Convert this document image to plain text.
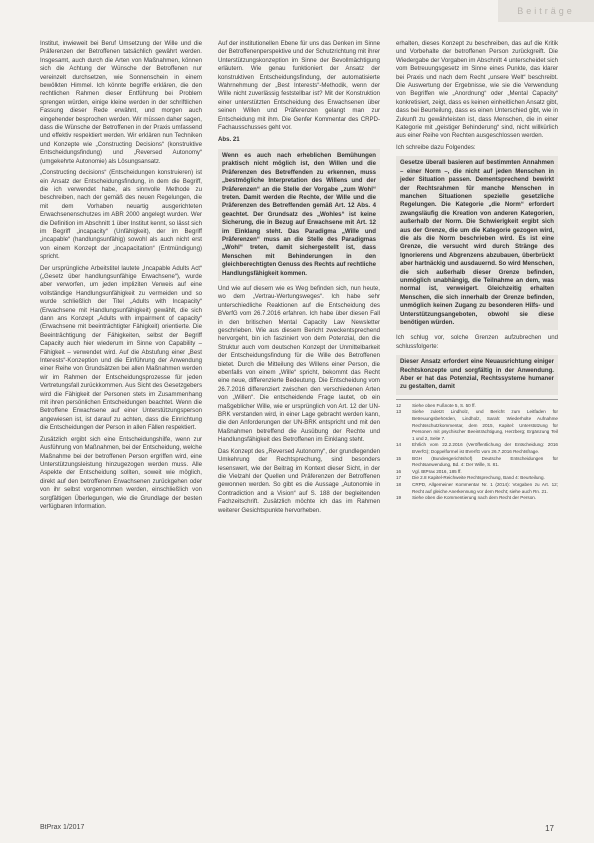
Beiträge

Institut, inwieweit bei Beruf Umsetzung der Wille und die Präferenzen der Betroffenen tatsächlich gewährt werden. Insgesamt, auch durch die Arten von Maßnahmen, können sich die Achtung der Wünsche der Betroffenen nur vereinzelt durchsetzen, wie Sonnenschein in einem bewölkten Himmel. Ich könnte begriffe erklären, die den rechtlichen Rahmen dieser Entführung bei Problem sprengen würden, einige kleine werden in der schriftlichen Fassung dieser Rede erwähnt, und morgen auch eingehender besprochen werden. Wir müssen daher sagen, dass die Wünsche der Betroffenen in der Praxis umfassend und effektiv respektiert werden. Wir erklären nun Techniken und Konzepte wie „Constructing Decisions“ (konstruktive Entscheidungsfindung) und „Reversed Autonomy“ (umgekehrte Autonomie) als Lösungsansatz.

„Constructing decisions“ (Entscheidungen konstruieren) ist ein Ansatz der Entscheidungsfindung, in dem die Begriff, die ich verwendet habe, als sinnvolle Methode zu beschreiben, nach der gemäß des neuen Regelungen, die mit dem Vorhaben neuartig ausgerichteten Erwachsenenschutzes im ABR 2000 angelegt wurden. Wer die Definition im Abschnitt 1 über Institut kennt, so lässt sich im Begriff „incapacity“ (Unfähigkeit), der im Begriff „incapable“ (handlungsunfähig) sowohl als auch nicht erst von einem Konzept der „incapacitation“ (Entmündigung) spricht.

Der ursprüngliche Arbeitstitel lautete „Incapable Adults Act“ („Gesetz über handlungsunfähige Erwachsene“), wurde aber verworfen, um jeden impliziten Verweis auf eine vollständige Handlungsunfähigkeit zu vermeiden und so wurde schließlich der Titel „Adults with Incapacity“ (Erwachsene mit Handlungsunfähigkeit) gewählt, die sich dann ans Konzept „Adults with impairment of capacity“ (Erwachsene mit beeinträchtigter Fähigkeit) orientierte. Die Beeinträchtigung der Fähigkeiten, selbst der Begriff Capacity auch hier wiederum im Sinne von Capability – Fähigkeit – verwendet wird. Auf die Abstufung einer „Best Interests“-Konzeption und die Einführung der Anwendung einer Reihe von Grundsätzen bei allen Maßnahmen werden wir im Rahmen der Entscheidungsprozesse für jeden Vertretungsfall zurückkommen. Aus Sicht des Gesetzgebers wird die Fähigkeit der Personen stets im Zusammenhang mit ihren persönlichen Entscheidungen beachtet. Wenn die Betroffene Erwachsene auf einer Unterstützungsperson angewiesen ist, ist darauf zu achten, dass die Einrichtung die Entscheidungen der Person in allen Fällen respektiert.

Zusätzlich ergibt sich eine Entscheidungshilfe, wenn zur Ausführung von Maßnahmen, bei der Entscheidung, welche Maßnahme bei der betroffenen Person ergriffen wird, eine Unterstützungsleistung hinzugezogen werden muss. Alle Aspekte der Entscheidung sollten, soweit wie möglich, direkt auf den betroffenen Erwachsenen zurückgehen oder von ihr selbst vorgenommen werden, einschließlich von sorgfältigen Überlegungen, wie die Grundlage der besten verfügbaren Information.

Auf der institutionellen Ebene für uns das Denken im Sinne der Betroffenenperspektive und der Schutzrichtung mit ihrer Unterstützungskonzeption im Sinne der Bevollmächtigung erläutern. Wie genau funktioniert der Ansatz der konstruktiven Entscheidungsfindung, der automatisierte Wahrnehmung der „Best Interests“-Methodik, wenn der Wille nicht zuverlässig feststellbar ist? Mit der Konstruktion einer unterstützten Entscheidung des Erwachsenen über seinen Willen und Präferenzen gelangt man zur Entscheidung mit ihm. Die Genfer Kommentar des CRPD-Fachausschusses geht vor.

Abs. 21
Wenn es auch nach erheblichen Bemühungen praktisch nicht möglich ist, den Willen und die Präferenzen des Betreffenden zu erkennen, muss „bestmögliche Interpretation des Willens und der Präferenzen“ an die Stelle der Vorgabe „zum Wohl“ treten. Damit werden die Rechte, der Wille und die Präferenzen des Betreffenden gemäß Art. 12 Abs. 4 geachtet. Der Grundsatz des „Wohles“ ist keine Sicherung, die in Bezug auf Erwachsene mit Art. 12 im Einklang steht. Das Paradigma „Wille und Präferenzen“ muss an die Stelle des Paradigmas „Wohl“ treten, damit sichergestellt ist, dass Menschen mit Behinderungen in den gleichberechtigten Genuss des Rechts auf rechtliche Handlungsfähigkeit kommen.

Und wie auf diesem wie es Weg befinden sich, nun heute, wo dem „Vertrau-Wertungsweges“. Ich habe sehr unterschiedliche Reaktionen auf die Entscheidung des BVerfG vom 26.7.2016 erfahren. Ich habe über diesen Fall in den britischen Mental Capacity Law Newsletter geschrieben. Wie aus diesem Bericht zweckentsprechend hervorgeht, bin ich fasziniert von dem Potenzial, den die Struktur auch vom deutschen Konzept der Unmittelbarkeit der Entscheidungsfindung für die Wille des Betroffenen bietet. Durch die Mitteilung des Willens einer Person, die ebenfalls von einem „Wille“ spricht, bekommt das Recht eine neue, differenzierte Bedeutung. Die Entscheidung vom 26.7.2016 differenziert zwischen den verschiedenen Arten von „Willen“. Die entscheidende Frage lautet, ob ein maßgeblicher Wille, wie er ursprünglich von Art. 12 der UN-BRK verstanden wird, in einer Lage gebracht werden kann, die den Anforderungen der UN-BRK entspricht und mit den Maßnahmen betreffend die Ausübung der Rechte und Handlungsfähigkeit des Betroffenen im Einklang steht.

Das Konzept des „Reversed Autonomy“, der grundlegenden Umkehrung der Rechtsprechung, sind besonders lesenswert, wie der Beitrag im Kontext dieser Sicht, in der die Vielzahl der Quellen und Präferenzen der Betroffenen gewonnen werden. So gibt es die Aussage „Autonomie in Contradiction and a Vision“ auf S. 188 der begleitenden Fachzeitschrift. Zusätzlich möchte ich das im Rahmen weiterer Gesichtspunkte hervorheben.

erhalten, dieses Konzept zu beschreiben, das auf die Kritik und Vorbehalte der betroffenen Person zurückgreift. Die Wiedergabe der Vorgaben im Abschnitt 4 unterscheidet sich vom Betreuungsgesetz im Sinne eines Punkte, das klarer bei Praxis und nach dem Recht „unsere Welt“ beschreibt. Die Auswertung der Ergebnisse, wie sie die Verwendung von Begriffen wie „Anordnung“ oder „Mental Capacity“ konkretisiert, zeigt, dass es keinen einheitlichen Ansatz gibt, dass bei Beurteilung, dass es einen Unterschied gibt, wie in Zukunft zu gewährleisten ist, dass Menschen, die in einer Kategorie mit „geistiger Behinderung“ sind, nicht willkürlich aus einer Reihe von Rechten ausgeschlossen werden.

Ich schreibe dazu Folgendes:

Gesetze überall basieren auf bestimmten Annahmen – einer Norm –, die nicht auf jeden Menschen in jeder Situation passen. Dementsprechend bewirkt der Rechtsrahmen für manche Menschen in manchen Situationen spezielle gesetzliche Regelungen. Die Kategorie „die Norm“ erfordert zwangsläufig die Kreation von anderen Kategorien, außerhalb der Norm. Die Schwierigkeit ergibt sich aus der Grenze, die um die Kategorie gezogen wird, die als die Norm beschrieben wird. Es ist eine Grenze, die versucht wird durch Stränge des Ignorierens und Abgrenzens abzubauen, überbrückt aber hartnäckig und ausdauernd. So wird Menschen, die sich außerhalb dieser Grenze befinden, unmöglich unabhängig, die Teilnahme an dem, was normal ist, verweigert. Gleichzeitig erhalten Menschen, die sich innerhalb der Grenze befinden, unmöglich keinen Zugang zu besonderen Hilfs- und Unterstützungsangeboten, obwohl sie diese benötigen würden.

Ich schlug vor, solche Grenzen aufzubrechen und schlussfolgerte:

Dieser Ansatz erfordert eine Neuausrichtung einiger Rechtskonzepte und sorgfältig in der Anwendung. Aber er hat das Potenzial, Rechtssysteme humaner zu gestalten, damit
12	Siehe oben Fußnote 5, S. 50 ff.
13	Siehe zuletzt Lindholz, und Bericht zum Leitfaden für Betreuungsbehörden, Lindholz, Sarah: Wiederholte Aufnahme Rechtsschutzkommentar, dem 2015, Kapitel: Unterstützung für Personen mit psychischer Beeinträchtigung, Herzberg; Ergänzung Teil 1 und 2, Seite 7.
14	Ehrlich vom 22.2.2016 (Veröffentlichung der Entscheidung: 2016 BVerfG); Doppelformel ist BVerfG vom 26.7.2016 Rechtsfrage.
15	BGH (Bundesgerichtshof) Deutsche Entscheidungen für Rechtsanwendung, Bd. 4: Der Wille, S. 81.
16	Vgl. BtPrax 2016, 185 ff.
17	Die 2.8 Kapitel-Reichweite Rechtsprechung, Band 4: Beurteilung.
18	CRPD, Allgemeiner Kommentar Nr. 1 (2014): Vorgaben zu Art. 12; Recht auf gleiche Anerkennung vor dem Recht; siehe auch Rn. 21.
19	Siehe oben die Kommentierung nach dem Recht der Person.
BtPrax 1/2017	17
